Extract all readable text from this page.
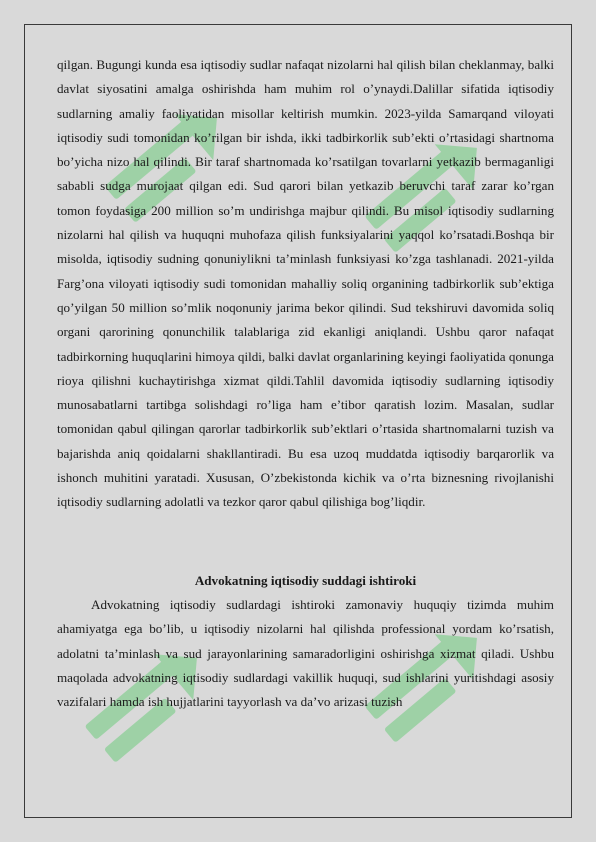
qilgan. Bugungi kunda esa iqtisodiy sudlar nafaqat nizolarni hal qilish bilan cheklanmay, balki davlat siyosatini amalga oshirishda ham muhim rol o’ynaydi.Dalillar sifatida iqtisodiy sudlarning amaliy faoliyatidan misollar keltirish mumkin. 2023-yilda Samarqand viloyati iqtisodiy sudi tomonidan ko’rilgan bir ishda, ikki tadbirkorlik sub’ekti o’rtasidagi shartnoma bo’yicha nizo hal qilindi. Bir taraf shartnomada ko’rsatilgan tovarlarni yetkazib bermaganligi sababli sudga murojaat qilgan edi. Sud qarori bilan yetkazib beruvchi taraf zarar ko’rgan tomon foydasiga 200 million so’m undirishga majbur qilindi. Bu misol iqtisodiy sudlarning nizolarni hal qilish va huquqni muhofaza qilish funksiyalarini yaqqol ko’rsatadi.Boshqa bir misolda, iqtisodiy sudning qonuniylikni ta’minlash funksiyasi ko’zga tashlanadi. 2021-yilda Farg’ona viloyati iqtisodiy sudi tomonidan mahalliy soliq organining tadbirkorlik sub’ektiga qo’yilgan 50 million so’mlik noqonuniy jarima bekor qilindi. Sud tekshiruvi davomida soliq organi qarorining qonunchilik talablariga zid ekanligi aniqlandi. Ushbu qaror nafaqat tadbirkorning huquqlarini himoya qildi, balki davlat organlarining keyingi faoliyatida qonunga rioya qilishni kuchaytirishga xizmat qildi.Tahlil davomida iqtisodiy sudlarning iqtisodiy munosabatlarni tartibga solishdagi ro’liga ham e’tibor qaratish lozim. Masalan, sudlar tomonidan qabul qilingan qarorlar tadbirkorlik sub’ektlari o’rtasida shartnomalarni tuzish va bajarishda aniq qoidalarni shakllantiradi. Bu esa uzoq muddatda iqtisodiy barqarorlik va ishonch muhitini yaratadi. Xususan, O’zbekistonda kichik va o’rta biznesning rivojlanishi iqtisodiy sudlarning adolatli va tezkor qaror qabul qilishiga bog’liqdir.

Advokatning iqtisodiy suddagi ishtiroki

Advokatning iqtisodiy sudlardagi ishtiroki zamonaviy huquqiy tizimda muhim ahamiyatga ega bo’lib, u iqtisodiy nizolarni hal qilishda professional yordam ko’rsatish, adolatni ta’minlash va sud jarayonlarining samaradorligini oshirishga xizmat qiladi. Ushbu maqolada advokatning iqtisodiy sudlardagi vakillik huquqi, sud ishlarini yuritishdagi asosiy vazifalari hamda ish hujjatlarini tayyorlash va da’vo arizasi tuzish
